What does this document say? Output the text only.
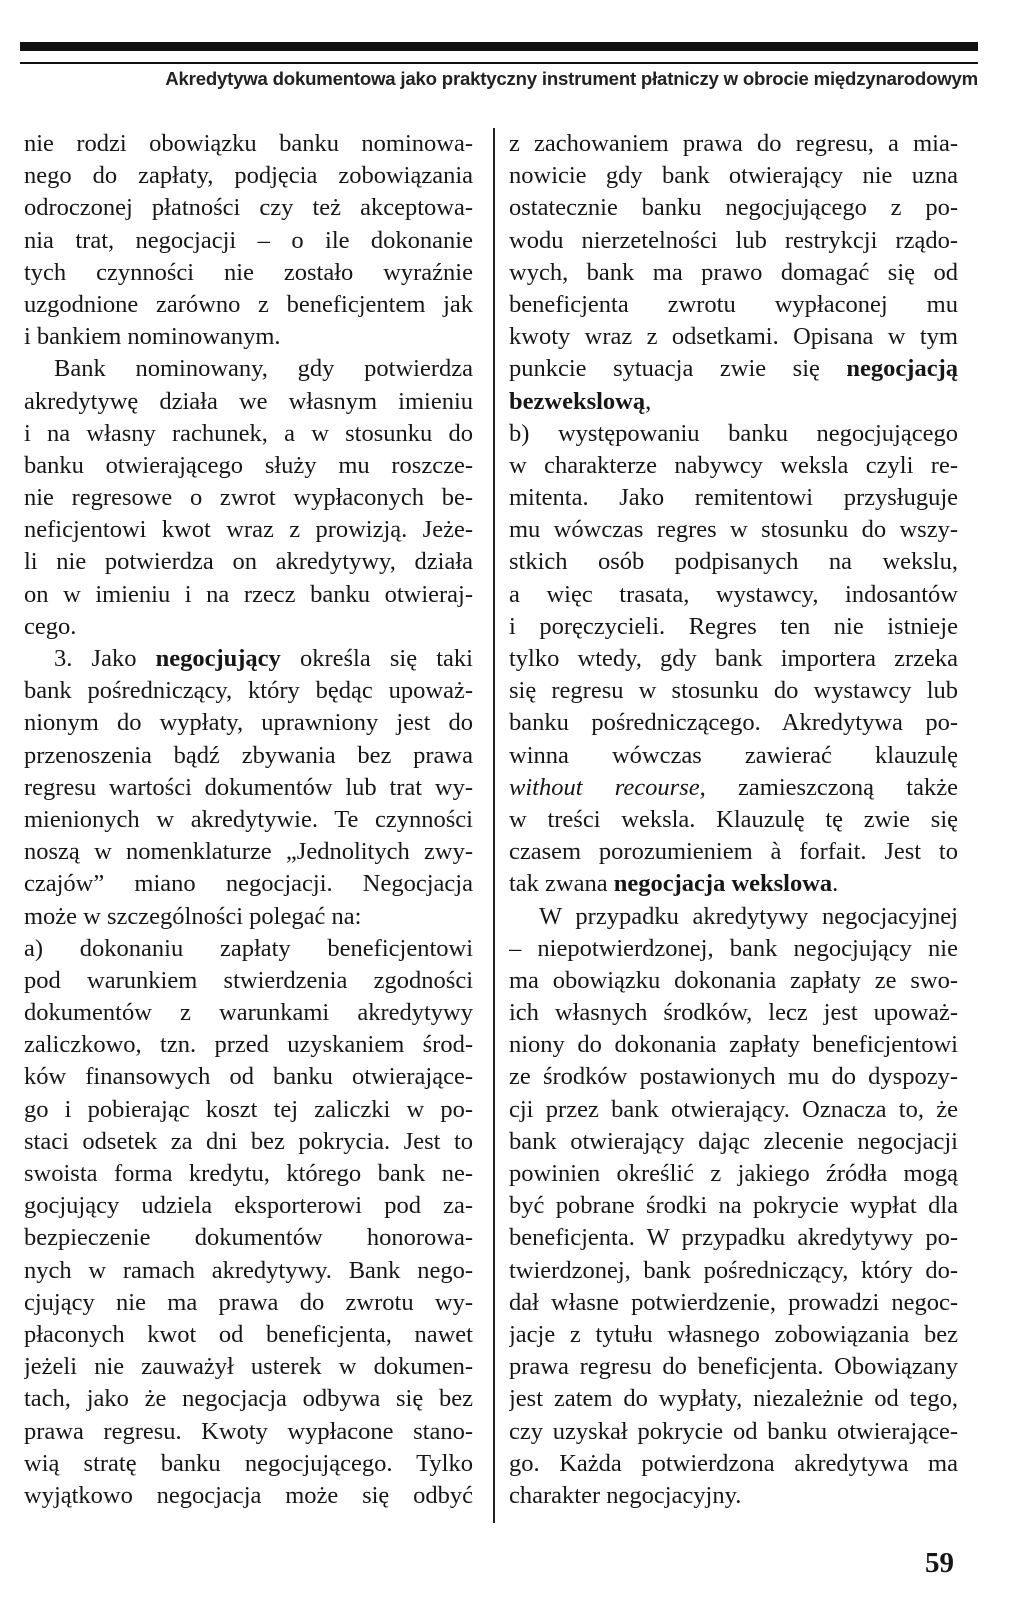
Akredytywa dokumentowa jako praktyczny instrument płatniczy w obrocie międzynarodowym
nie rodzi obowiązku banku nominowa-
nego do zapłaty, podjęcia zobowiązania
odroczonej płatności czy też akceptowa-
nia trat, negocjacji – o ile dokonanie
tych czynności nie zostało wyraźnie
uzgodnione zarówno z beneficjentem jak
i bankiem nominowanym.
Bank nominowany, gdy potwierdza
akredytywę działa we własnym imieniu
i na własny rachunek, a w stosunku do
banku otwierającego służy mu roszcze-
nie regresowe o zwrot wypłaconych be-
neficjentowi kwot wraz z prowizją. Jeże-
li nie potwierdza on akredytywy, działa
on w imieniu i na rzecz banku otwieraj-
cego.
3. Jako negocjujący określa się taki
bank pośredniczący, który będąc upoważ-
nionym do wypłaty, uprawniony jest do
przenoszenia bądź zbywania bez prawa
regresu wartości dokumentów lub trat wy-
mienionych w akredytywie. Te czynności
noszą w nomenklaturze „Jednolitych zwy-
czajów” miano negocjacji. Negocjacja
może w szczególności polegać na:
a) dokonaniu zapłaty beneficjentowi
pod warunkiem stwierdzenia zgodności
dokumentów z warunkami akredytywy
zaliczkowo, tzn. przed uzyskaniem środ-
ków finansowych od banku otwierające-
go i pobierając koszt tej zaliczki w po-
staci odsetek za dni bez pokrycia. Jest to
swoista forma kredytu, którego bank ne-
gocjujący udziela eksporterowi pod za-
bezpieczenie dokumentów honorowa-
nych w ramach akredytywy. Bank nego-
cjujący nie ma prawa do zwrotu wy-
płaconych kwot od beneficjenta, nawet
jeżeli nie zauważył usterek w dokumen-
tach, jako że negocjacja odbywa się bez
prawa regresu. Kwoty wypłacone stano-
wią stratę banku negocjującego. Tylko
wyjątkowo negocjacja może się odbyć
z zachowaniem prawa do regresu, a mia-
nowicie gdy bank otwierający nie uzna
ostatecznie banku negocjującego z po-
wodu nierzetelności lub restrykcji rządo-
wych, bank ma prawo domagać się od
beneficjenta zwrotu wypłaconej mu
kwoty wraz z odsetkami. Opisana w tym
punkcie sytuacja zwie się negocjacją
bezwekslową,
b) występowaniu banku negocjującego
w charakterze nabywcy weksla czyli re-
mitenta. Jako remitentowi przysługuje
mu wówczas regres w stosunku do wszy-
stkich osób podpisanych na wekslu,
a więc trasata, wystawcy, indosantów
i poręczycieli. Regres ten nie istnieje
tylko wtedy, gdy bank importera zrzeka
się regresu w stosunku do wystawcy lub
banku pośredniczącego. Akredytywa po-
winna wówczas zawierać klauzulę
without recourse, zamieszczoną także
w treści weksla. Klauzulę tę zwie się
czasem porozumieniem à forfait. Jest to
tak zwana negocjacja wekslowa.
W przypadku akredytywy negocjacyjnej
– niepotwierdzonej, bank negocjujący nie
ma obowiązku dokonania zapłaty ze swo-
ich własnych środków, lecz jest upoważ-
niony do dokonania zapłaty beneficjentowi
ze środków postawionych mu do dyspozy-
cji przez bank otwierający. Oznacza to, że
bank otwierający dając zlecenie negocjacji
powinien określić z jakiego źródła mogą
być pobrane środki na pokrycie wypłat dla
beneficjenta. W przypadku akredytywy po-
twierdzonej, bank pośredniczący, który do-
dał własne potwierdzenie, prowadzi negoc-
jacje z tytułu własnego zobowiązania bez
prawa regresu do beneficjenta. Obowiązany
jest zatem do wypłaty, niezależnie od tego,
czy uzyskał pokrycie od banku otwierające-
go. Każda potwierdzona akredytywa ma
charakter negocjacyjny.
59
